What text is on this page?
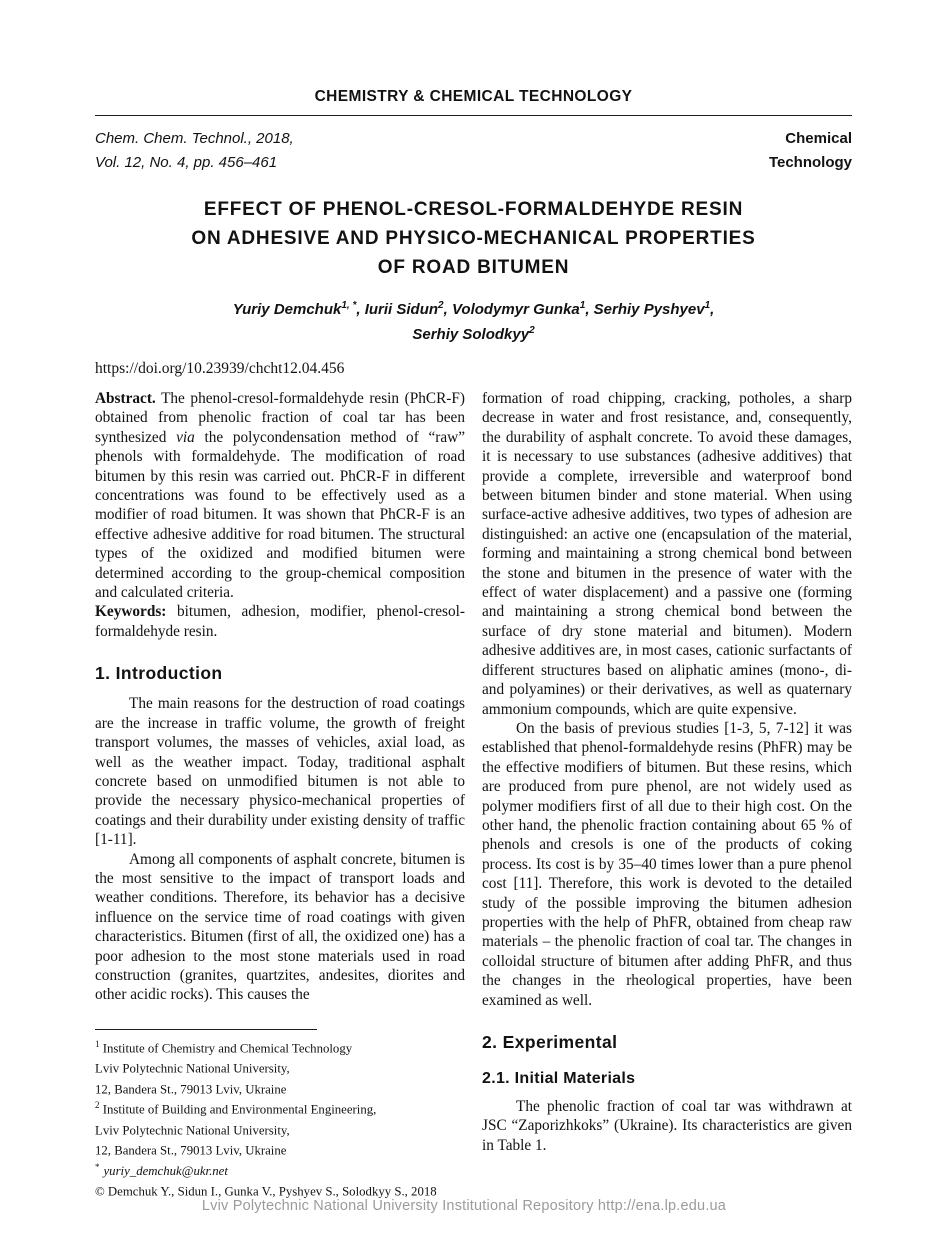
CHEMISTRY & CHEMICAL TECHNOLOGY
Chem. Chem. Technol., 2018,
Vol. 12, No. 4, pp. 456–461
Chemical
Technology
EFFECT OF PHENOL-CRESOL-FORMALDEHYDE RESIN
ON ADHESIVE AND PHYSICO-MECHANICAL PROPERTIES
OF ROAD BITUMEN
Yuriy Demchuk$^{1, *}$, Iurii Sidun$^2$, Volodymyr Gunka$^1$, Serhiy Pyshyev$^1$,
Serhiy Solodkyy$^2$
https://doi.org/10.23939/chcht12.04.456

Abstract. The phenol-cresol-formaldehyde resin (PhCR-F) obtained from phenolic fraction of coal tar has been synthesized via the polycondensation method of “raw” phenols with formaldehyde. The modification of road bitumen by this resin was carried out. PhCR-F in different concentrations was found to be effectively used as a modifier of road bitumen. It was shown that PhCR-F is an effective adhesive additive for road bitumen. The structural types of the oxidized and modified bitumen were determined according to the group-chemical composition and calculated criteria.

Keywords: bitumen, adhesion, modifier, phenol-cresol-formaldehyde resin.

1. Introduction

The main reasons for the destruction of road coatings are the increase in traffic volume, the growth of freight transport volumes, the masses of vehicles, axial load, as well as the weather impact. Today, traditional asphalt concrete based on unmodified bitumen is not able to provide the necessary physico-mechanical properties of coatings and their durability under existing density of traffic [1-11].

Among all components of asphalt concrete, bitumen is the most sensitive to the impact of transport loads and weather conditions. Therefore, its behavior has a decisive influence on the service time of road coatings with given characteristics. Bitumen (first of all, the oxidized one) has a poor adhesion to the most stone materials used in road construction (granites, quartzites, andesites, diorites and other acidic rocks). This causes the

$^1$ Institute of Chemistry and Chemical Technology
Lviv Polytechnic National University,
12, Bandera St., 79013 Lviv, Ukraine
$^2$ Institute of Building and Environmental Engineering,
Lviv Polytechnic National University,
12, Bandera St., 79013 Lviv, Ukraine
* yuriy_demchuk@ukr.net
© Demchuk Y., Sidun I., Gunka V., Pyshyev S., Solodkyy S., 2018

formation of road chipping, cracking, potholes, a sharp decrease in water and frost resistance, and, consequently, the durability of asphalt concrete. To avoid these damages, it is necessary to use substances (adhesive additives) that provide a complete, irreversible and waterproof bond between bitumen binder and stone material. When using surface-active adhesive additives, two types of adhesion are distinguished: an active one (encapsulation of the material, forming and maintaining a strong chemical bond between the stone and bitumen in the presence of water with the effect of water displacement) and a passive one (forming and maintaining a strong chemical bond between the surface of dry stone material and bitumen). Modern adhesive additives are, in most cases, cationic surfactants of different structures based on aliphatic amines (mono-, di- and polyamines) or their derivatives, as well as quaternary ammonium compounds, which are quite expensive.

On the basis of previous studies [1-3, 5, 7-12] it was established that phenol-formaldehyde resins (PhFR) may be the effective modifiers of bitumen. But these resins, which are produced from pure phenol, are not widely used as polymer modifiers first of all due to their high cost. On the other hand, the phenolic fraction containing about 65 % of phenols and cresols is one of the products of coking process. Its cost is by 35–40 times lower than a pure phenol cost [11]. Therefore, this work is devoted to the detailed study of the possible improving the bitumen adhesion properties with the help of PhFR, obtained from cheap raw materials – the phenolic fraction of coal tar. The changes in colloidal structure of bitumen after adding PhFR, and thus the changes in the rheological properties, have been examined as well.

2. Experimental
2.1. Initial Materials

The phenolic fraction of coal tar was withdrawn at JSC “Zaporizhkoks” (Ukraine). Its characteristics are given in Table 1.

Lviv Polytechnic National University Institutional Repository http://ena.lp.edu.ua
